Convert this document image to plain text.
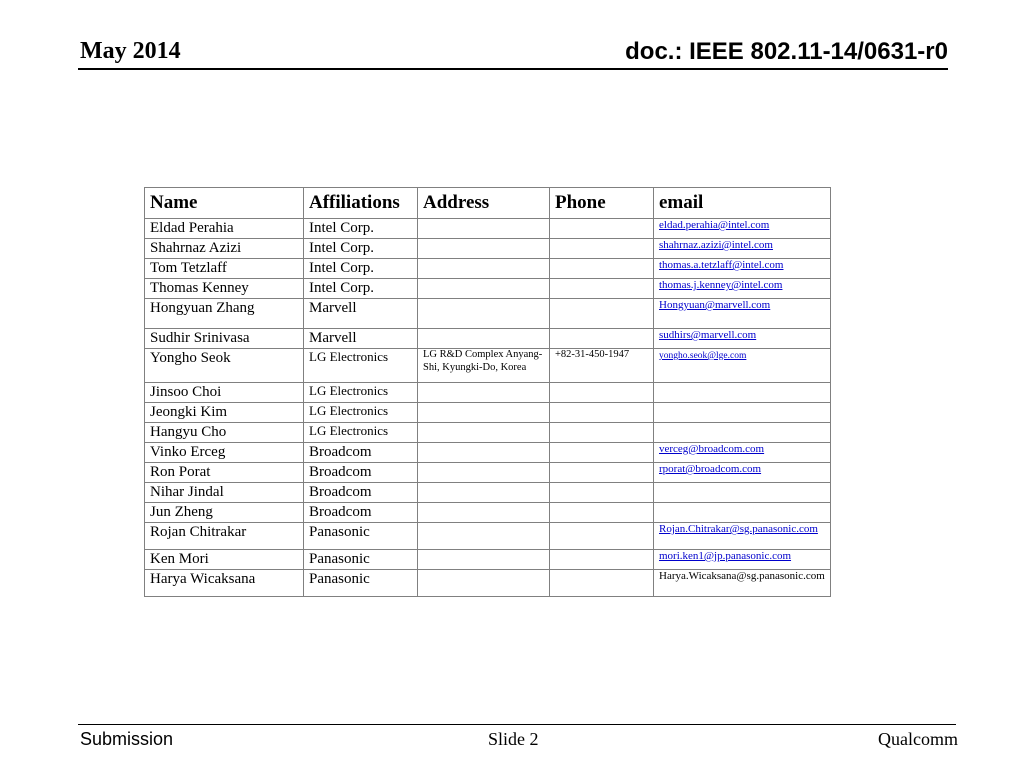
May 2014	doc.: IEEE 802.11-14/0631-r0
Name	Affiliations	Address	Phone	email
Eldad Perahia	Intel Corp.			eldad.perahia@intel.com
Shahrnaz Azizi	Intel Corp.			shahrnaz.azizi@intel.com
Tom Tetzlaff	Intel Corp.			thomas.a.tetzlaff@intel.com
Thomas Kenney	Intel Corp.			thomas.j.kenney@intel.com
Hongyuan Zhang	Marvell			Hongyuan@marvell.com
Sudhir Srinivasa	Marvell			sudhirs@marvell.com
Yongho Seok	LG Electronics	LG R&D Complex Anyang-Shi, Kyungki-Do, Korea	+82-31-450-1947	yongho.seok@lge.com
Jinsoo Choi	LG Electronics			
Jeongki Kim	LG Electronics			
Hangyu Cho	LG Electronics			
Vinko Erceg	Broadcom			verceg@broadcom.com
Ron Porat	Broadcom			rporat@broadcom.com
Nihar Jindal	Broadcom			
Jun Zheng	Broadcom			
Rojan Chitrakar	Panasonic			Rojan.Chitrakar@sg.panasonic.com
Ken Mori	Panasonic			mori.ken1@jp.panasonic.com
Harya Wicaksana	Panasonic			Harya.Wicaksana@sg.panasonic.com
Submission	Slide 2	Qualcomm
